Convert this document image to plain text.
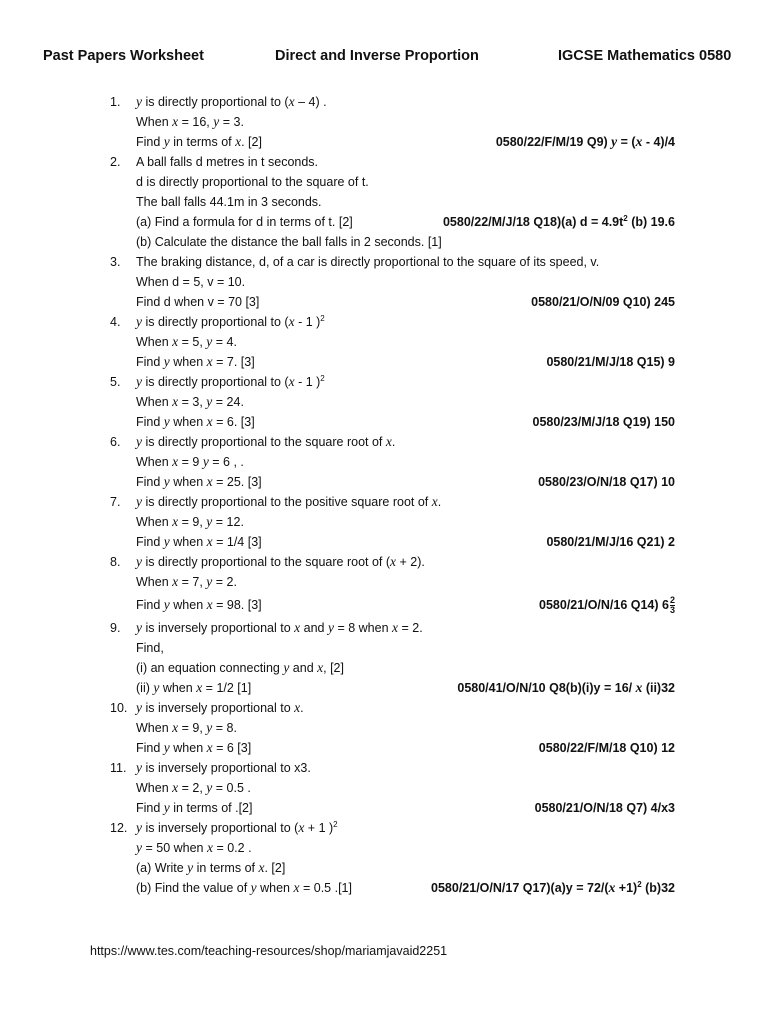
Past Papers Worksheet	Direct and Inverse Proportion	IGCSE Mathematics 0580
1.	y is directly proportional to (x – 4) .
When x = 16, y = 3.
Find y in terms of x. [2]	0580/22/F/M/19 Q9) y = (x - 4)/4
2.	A ball falls d metres in t seconds.
d is directly proportional to the square of t.
The ball falls 44.1m in 3 seconds.
(a) Find a formula for d in terms of t. [2]	0580/22/M/J/18 Q18)(a) $d = 4.9t^2$ (b) 19.6
(b) Calculate the distance the ball falls in 2 seconds. [1]
3.	The braking distance, d, of a car is directly proportional to the square of its speed, v.
When d = 5, v = 10.
Find d when v = 70 [3]	0580/21/O/N/09 Q10) 245
4.	y is directly proportional to (x - 1 )$^2$
When x = 5, y = 4.
Find y when x = 7. [3]	0580/21/M/J/18 Q15) 9
5.	y is directly proportional to (x - 1 )$^2$
When x = 3, y = 24.
Find y when x = 6. [3]	0580/23/M/J/18 Q19) 150
6.	y is directly proportional to the square root of x.
When x = 9 y = 6 , .
Find y when x = 25. [3]	0580/23/O/N/18 Q17) 10
7.	y is directly proportional to the positive square root of x.
When x = 9, y = 12.
Find y when x = 1/4 [3]	0580/21/M/J/16 Q21) 2
8.	y is directly proportional to the square root of (x + 2).
When x = 7, y = 2.
Find y when x = 98. [3]	0580/21/O/N/16 Q14) $6 \frac{2}{3}$
9.	y is inversely proportional to x and y = 8 when x = 2.
Find,
(i) an equation connecting y and x, [2]
(ii) y when x = 1/2 [1]	0580/41/O/N/10 Q8(b)(i)y = 16/ x (ii)32
10. y is inversely proportional to x.
When x = 9, y = 8.
Find y when x = 6 [3]	0580/22/F/M/18 Q10) 12
11. y is inversely proportional to x3.
When x = 2, y = 0.5 .
Find y in terms of .[2]	0580/21/O/N/18 Q7) 4/x3
12. y is inversely proportional to (x + 1 )$^2$
y = 50 when x = 0.2 .
(a) Write y in terms of x. [2]
(b) Find the value of y when x = 0.5 .[1]	0580/21/O/N/17 $Q17)(a)y = 72/(x +1)^2$ (b)32
https://www.tes.com/teaching-resources/shop/mariamjavaid2251
